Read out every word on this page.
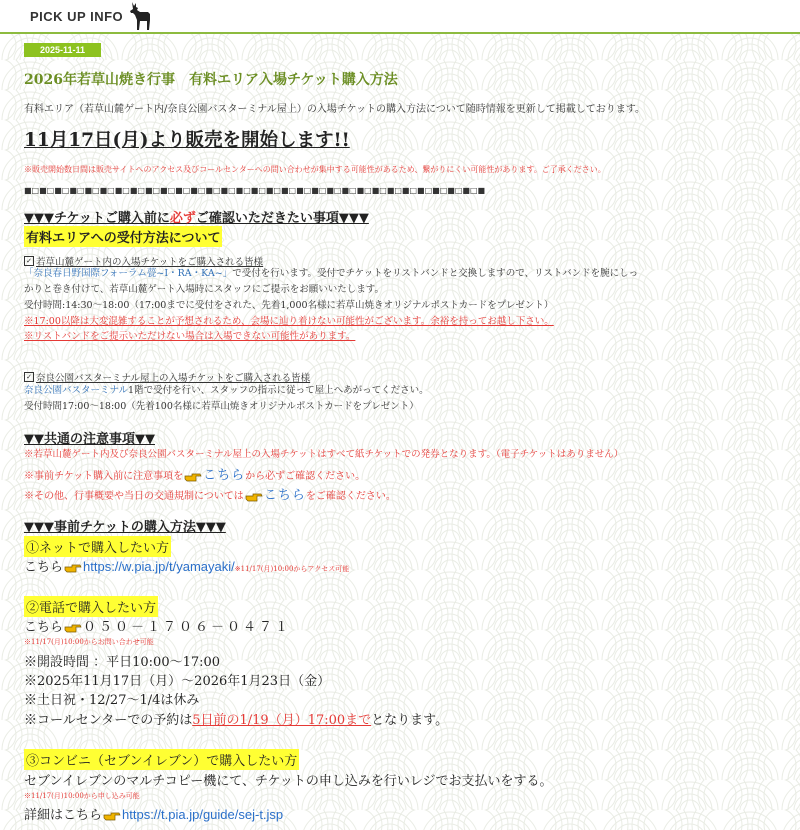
PICK UP INFO
2025-11-11
2026年若草山焼き行事　有料エリア入場チケット購入方法
有料エリア（若草山麓ゲート内/奈良公園バスターミナル屋上）の入場チケットの購入方法について随時情報を更新して掲載しております。
11月17日(月)より販売を開始します!!
※販売開始数日間は販売サイトへのアクセス及びコールセンターへの問い合わせが集中する可能性があるため、繋がりにくい可能性があります。ご了承ください。
■□■□■□■□■□■□■□■□■□■□■□■□■□■□■□■□■□■□■□■□■□■□■□■□■□■□■□■□■□■□■
▼▼▼チケットご購入前に必ずご確認いただきたい事項▼▼▼
有料エリアへの受付方法について
✓ 若草山麓ゲート内の入場チケットをご購入される皆様
「奈良春日野国際フォーラム甍~I・RA・KA~」で受付を行います。受付でチケットをリストバンドと交換しますので、リストバンドを腕にしっ
かりと巻き付けて、若草山麓ゲート入場時にスタッフにご提示をお願いいたします。
受付時間:14:30～18:00（17:00までに受付をされた、先着1,000名様に若草山焼きオリジナルポストカードをプレゼント）
※17:00以降は大変混雑することが予想されるため、会場に辿り着けない可能性がございます。余裕を持ってお越し下さい。
※リストバンドをご提示いただけない場合は入場できない可能性があります。
✓ 奈良公園バスターミナル屋上の入場チケットをご購入される皆様
奈良公園バスターミナル1階で受付を行い、スタッフの指示に従って屋上へあがってください。
受付時間17:00～18:00（先着100名様に若草山焼きオリジナルポストカードをプレゼント）
▼▼共通の注意事項▼▼
※若草山麓ゲート内及び奈良公園バスターミナル屋上の入場チケットはすべて紙チケットでの発券となります。（電子チケットはありません）
※事前チケット購入前に注意事項を こちらから必ずご確認ください。
※その他、行事概要や当日の交通規制については こちらをご確認ください。
▼▼▼事前チケットの購入方法▼▼▼
①ネットで購入したい方
こちら https://w.pia.jp/t/yamayaki/※11/17(月)10:00からアクセス可能
②電話で購入したい方
こちら ０５０－１７０６－０４７１
※11/17(月)10:00からお問い合わせ可能
※開設時間 ：平日10:00～17:00
※2025年11月17日（月）～2026年1月23日（金）
※土日祝・12/27～1/4は休み
※コールセンターでの予約は5日前の1/19（月）17:00までとなります。
③コンビニ（セブンイレブン）で購入したい方
セブンイレブンのマルチコピー機にて、チケットの申し込みを行いレジでお支払いをする。
※11/17(月)10:00から申し込み可能
詳細はこちら https://t.pia.jp/guide/sej-t.jsp
